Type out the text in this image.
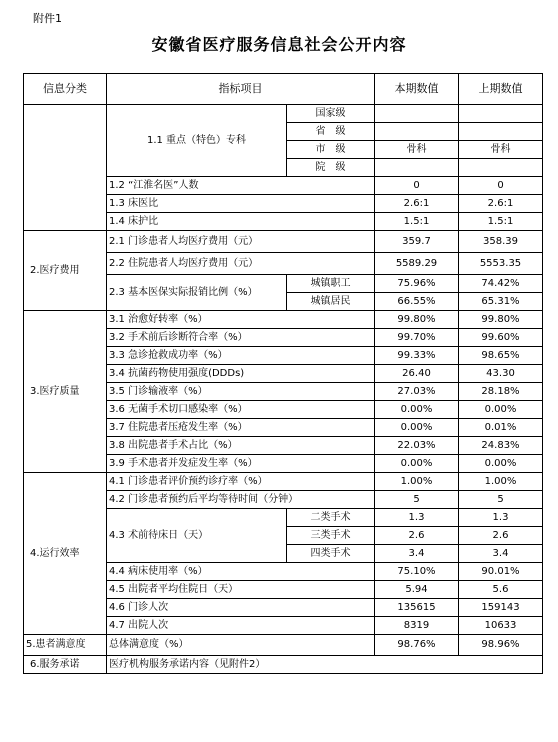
附件1
安徽省医疗服务信息社会公开内容
信息分类	指标项目		本期数值	上期数值
	1.1 重点（特色）专科	国家级		
		省　级		
		市　级	骨科	骨科
		院　级		
	1.2 “江淮名医”人数		0	0
	1.3 床医比		2.6:1	2.6:1
	1.4 床护比		1.5:1	1.5:1
2.医疗费用	2.1 门诊患者人均医疗费用（元）		359.7	358.39
	2.2 住院患者人均医疗费用（元）		5589.29	5553.35
	2.3 基本医保实际报销比例（%）	城镇职工	75.96%	74.42%
		城镇居民	66.55%	65.31%
3.医疗质量	3.1 治愈好转率（%）		99.80%	99.80%
	3.2 手术前后诊断符合率（%）		99.70%	99.60%
	3.3 急诊抢救成功率（%）		99.33%	98.65%
	3.4 抗菌药物使用强度(DDDs)		26.40	43.30
	3.5 门诊输液率（%）		27.03%	28.18%
	3.6 无菌手术切口感染率（%）		0.00%	0.00%
	3.7 住院患者压疮发生率（%）		0.00%	0.01%
	3.8 出院患者手术占比（%）		22.03%	24.83%
	3.9 手术患者并发症发生率（%）		0.00%	0.00%
4.运行效率	4.1 门诊患者评价预约诊疗率（%）		1.00%	1.00%
	4.2 门诊患者预约后平均等待时间（分钟）		5	5
	4.3 术前待床日（天）	二类手术	1.3	1.3
		三类手术	2.6	2.6
		四类手术	3.4	3.4
	4.4 病床使用率（%）		75.10%	90.01%
	4.5 出院者平均住院日（天）		5.94	5.6
	4.6 门诊人次		135615	159143
	4.7 出院人次		8319	10633
5.患者满意度	总体满意度（%）		98.76%	98.96%
6.服务承诺	医疗机构服务承诺内容（见附件2）			
